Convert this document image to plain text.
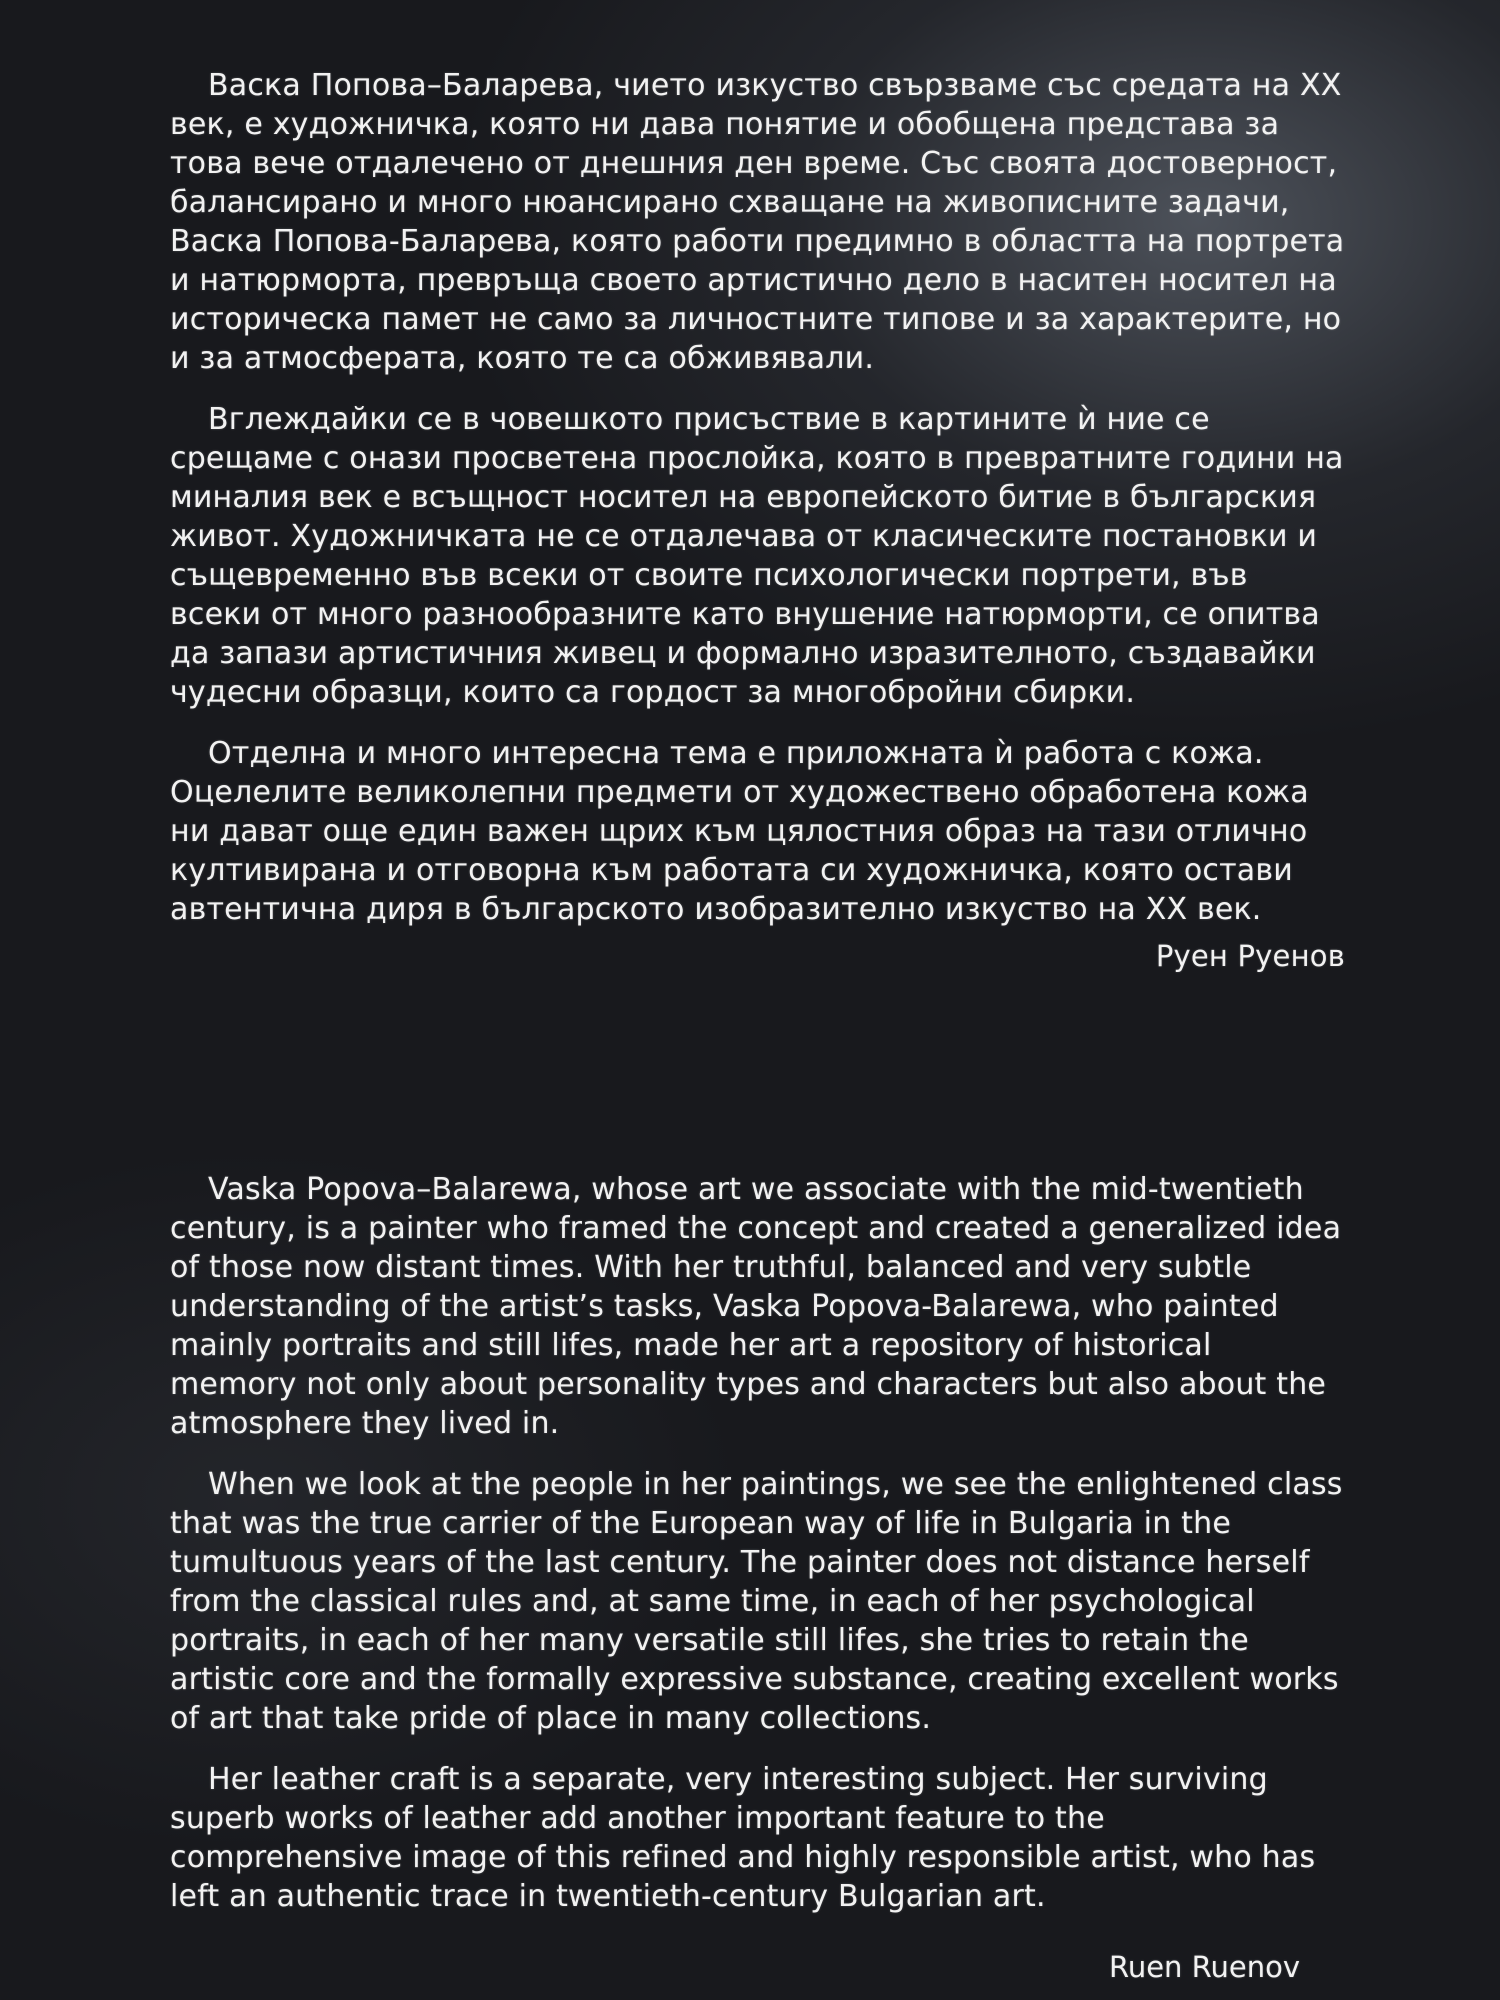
Васка Попова–Баларева, чието изкуство свързваме със средата на XX век, е художничка, която ни дава понятие и обобщена представа за това вече отдалечено от днешния ден време. Със своята достоверност, балансирано и много нюансирано схващане на живописните задачи, Васка Попова-Баларева, която работи предимно в областта на портрета и натюрморта, превръща своето артистично дело в наситен носител на историческа памет не само за личностните типове и за характерите, но и за атмосферата, която те са обживявали.

Вглеждайки се в човешкото присъствие в картините ѝ ние се срещаме с онази просветена прослойка, която в превратните години на миналия век е всъщност носител на европейското битие в българския живот. Художничката не се отдалечава от класическите постановки и същевременно във всеки от своите психологически портрети, във всеки от много разнообразните като внушение натюрморти, се опитва да запази артистичния живец и формално изразителното, създавайки чудесни образци, които са гордост за многобройни сбирки.

Отделна и много интересна тема е приложната ѝ работа с кожа. Оцелелите великолепни предмети от художествено обработена кожа ни дават още един важен щрих към цялостния образ на тази отлично култивирана и отговорна към работата си художничка, която остави автентична диря в българското изобразително изкуство на XX век.

Руен Руенов

Vaska Popova–Balarewa, whose art we associate with the mid-twentieth century, is a painter who framed the concept and created a generalized idea of those now distant times. With her truthful, balanced and very subtle understanding of the artist’s tasks, Vaska Popova-Balarewa, who painted mainly portraits and still lifes, made her art a repository of historical memory not only about personality types and characters but also about the atmosphere they lived in.

When we look at the people in her paintings, we see the enlightened class that was the true carrier of the European way of life in Bulgaria in the tumultuous years of the last century. The painter does not distance herself from the classical rules and, at same time, in each of her psychological portraits, in each of her many versatile still lifes, she tries to retain the artistic core and the formally expressive substance, creating excellent works of art that take pride of place in many collections.

Her leather craft is a separate, very interesting subject. Her surviving superb works of leather add another important feature to the comprehensive image of this refined and highly responsible artist, who has left an authentic trace in twentieth-century Bulgarian art.

Ruen Ruenov
